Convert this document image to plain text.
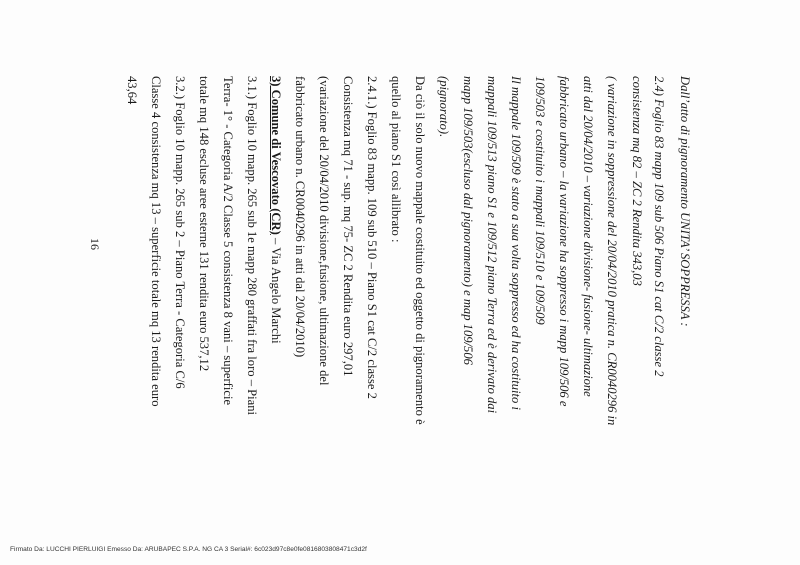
Dall’atto di pignoramento UNITA’ SOPPRESSA :
2.4) Foglio 83 mapp 109 sub 506 Piano S1 cat C/2 classe 2
consistenza mq 82 – ZC 2 Rendita 343,03
( variazione in soppressione del 20/04/2010 pratica n. CR0040296 in
atti dal 20/04/2010 – variazione divisione- fusione- ultimazione
fabbricato urbano – la variazione ha soppresso i mapp 109/506 e
109/503 e costituito i mappali 109/510 e 109/509
Il mappale 109/509 è stato a sua volta soppresso ed ha costituito i
mappali 109/513 piano S1 e 109/512 piano Terra ed è derivato dai
mapp 109/503(escluso dal pignoramento) e map 109/506
(pignorato).
Da ciò il solo nuovo mappale costituito ed oggetto di pignoramento è
quello al piano S1 così allibrato :
2.4.1.) Foglio 83 mapp. 109 sub 510 – Piano S1 cat C/2 classe 2
Consistenza mq 71 - sup. mq 75- ZC 2 Rendita euro 297,01
(variazione del 20/04/2010 divisione,fusione, ultimazione del
fabbricato urbano n. CR0040296 in atti dal 20/04/2010)
3) Comune di Vescovato (CR) – Via Angelo Marchi
3.1.) Foglio 10 mapp. 265 sub 1e mapp 280 graffati fra loro – Piani
Terra- 1° - Categoria A/2 Classe 5 consistenza 8 vani – superficie
totale mq 148 escluse aree esterne 131 rendita euro 537,12
3.2.) Foglio 10 mapp. 265 sub 2 – Piano Terra - Categoria C/6
Classe 4 consistenza mq 13 – superficie totale mq 13 rendita euro
43,64
16
Firmato Da: LUCCHI PIERLUIGI Emesso Da: ARUBAPEC S.P.A. NG CA 3 Serial#: 6c023d97c8e0fe0816803808471c3d2f
